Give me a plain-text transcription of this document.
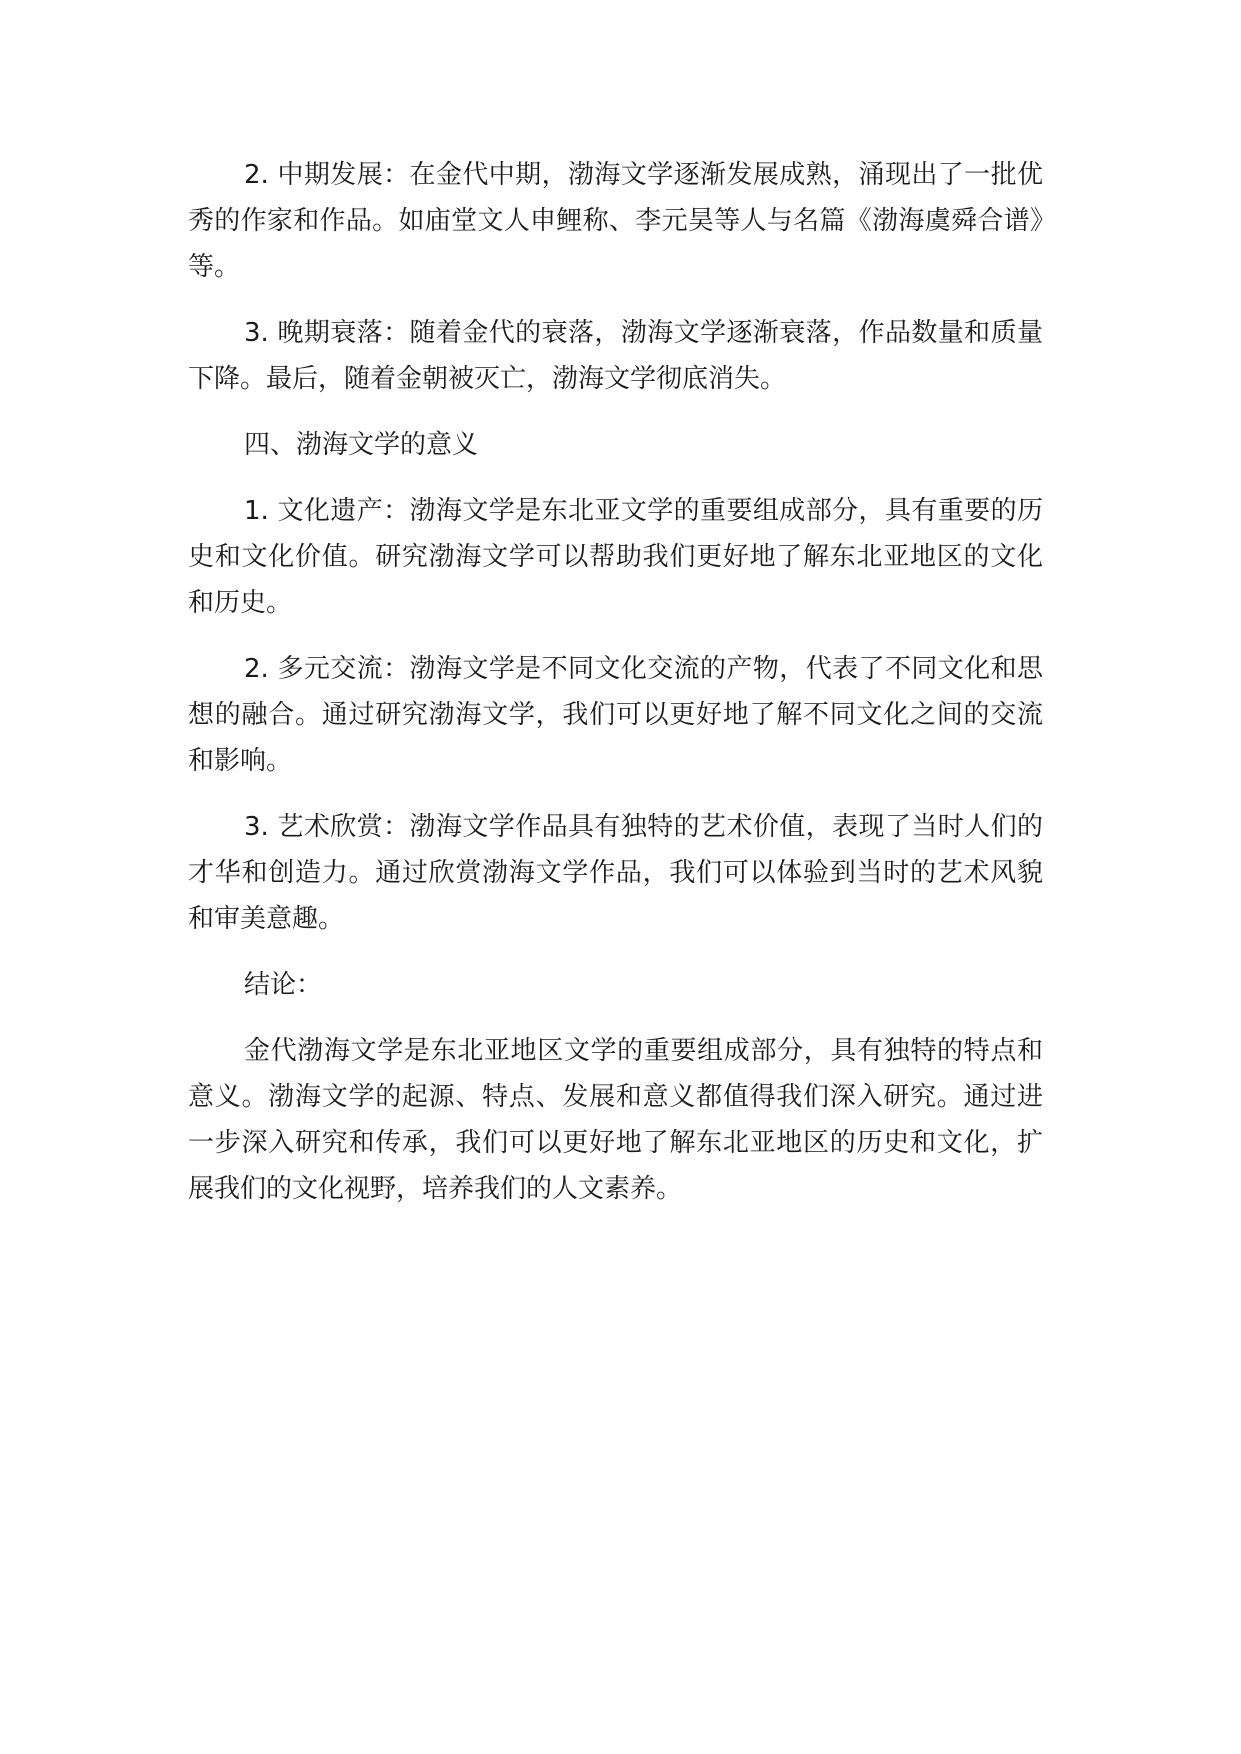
2. 中期发展：在金代中期，渤海文学逐渐发展成熟，涌现出了一批优秀的作家和作品。如庙堂文人申鲤称、李元昊等人与名篇《渤海虞舜合谱》等。

3. 晚期衰落：随着金代的衰落，渤海文学逐渐衰落，作品数量和质量下降。最后，随着金朝被灭亡，渤海文学彻底消失。

四、渤海文学的意义

1. 文化遗产：渤海文学是东北亚文学的重要组成部分，具有重要的历史和文化价值。研究渤海文学可以帮助我们更好地了解东北亚地区的文化和历史。

2. 多元交流：渤海文学是不同文化交流的产物，代表了不同文化和思想的融合。通过研究渤海文学，我们可以更好地了解不同文化之间的交流和影响。

3. 艺术欣赏：渤海文学作品具有独特的艺术价值，表现了当时人们的才华和创造力。通过欣赏渤海文学作品，我们可以体验到当时的艺术风貌和审美意趣。

结论：

金代渤海文学是东北亚地区文学的重要组成部分，具有独特的特点和意义。渤海文学的起源、特点、发展和意义都值得我们深入研究。通过进一步深入研究和传承，我们可以更好地了解东北亚地区的历史和文化，扩展我们的文化视野，培养我们的人文素养。
